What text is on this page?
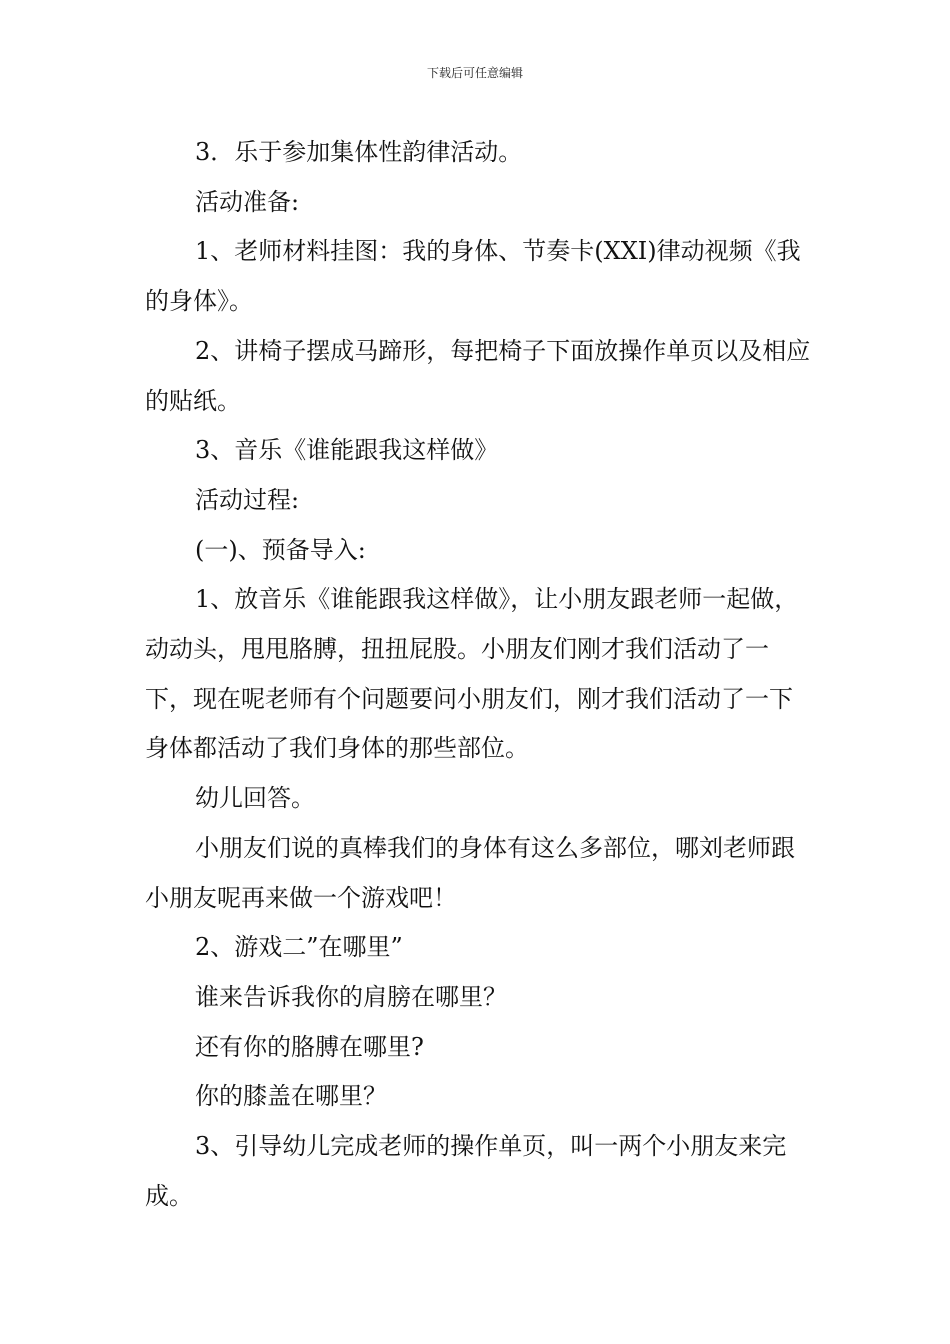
下载后可任意编辑

3．乐于参加集体性韵律活动。

活动准备:

1、老师材料挂图：我的身体、节奏卡(XXI)律动视频《我的身体》。

2、讲椅子摆成马蹄形，每把椅子下面放操作单页以及相应的贴纸。

3、音乐《谁能跟我这样做》

活动过程:

(一)、预备导入:

1、放音乐《谁能跟我这样做》，让小朋友跟老师一起做，动动头，甩甩胳膊，扭扭屁股。小朋友们刚才我们活动了一下，现在呢老师有个问题要问小朋友们，刚才我们活动了一下身体都活动了我们身体的那些部位。

幼儿回答。

小朋友们说的真棒我们的身体有这么多部位，哪刘老师跟小朋友呢再来做一个游戏吧！

2、游戏二”在哪里”

谁来告诉我你的肩膀在哪里？

还有你的胳膊在哪里?

你的膝盖在哪里？

3、引导幼儿完成老师的操作单页，叫一两个小朋友来完成。
